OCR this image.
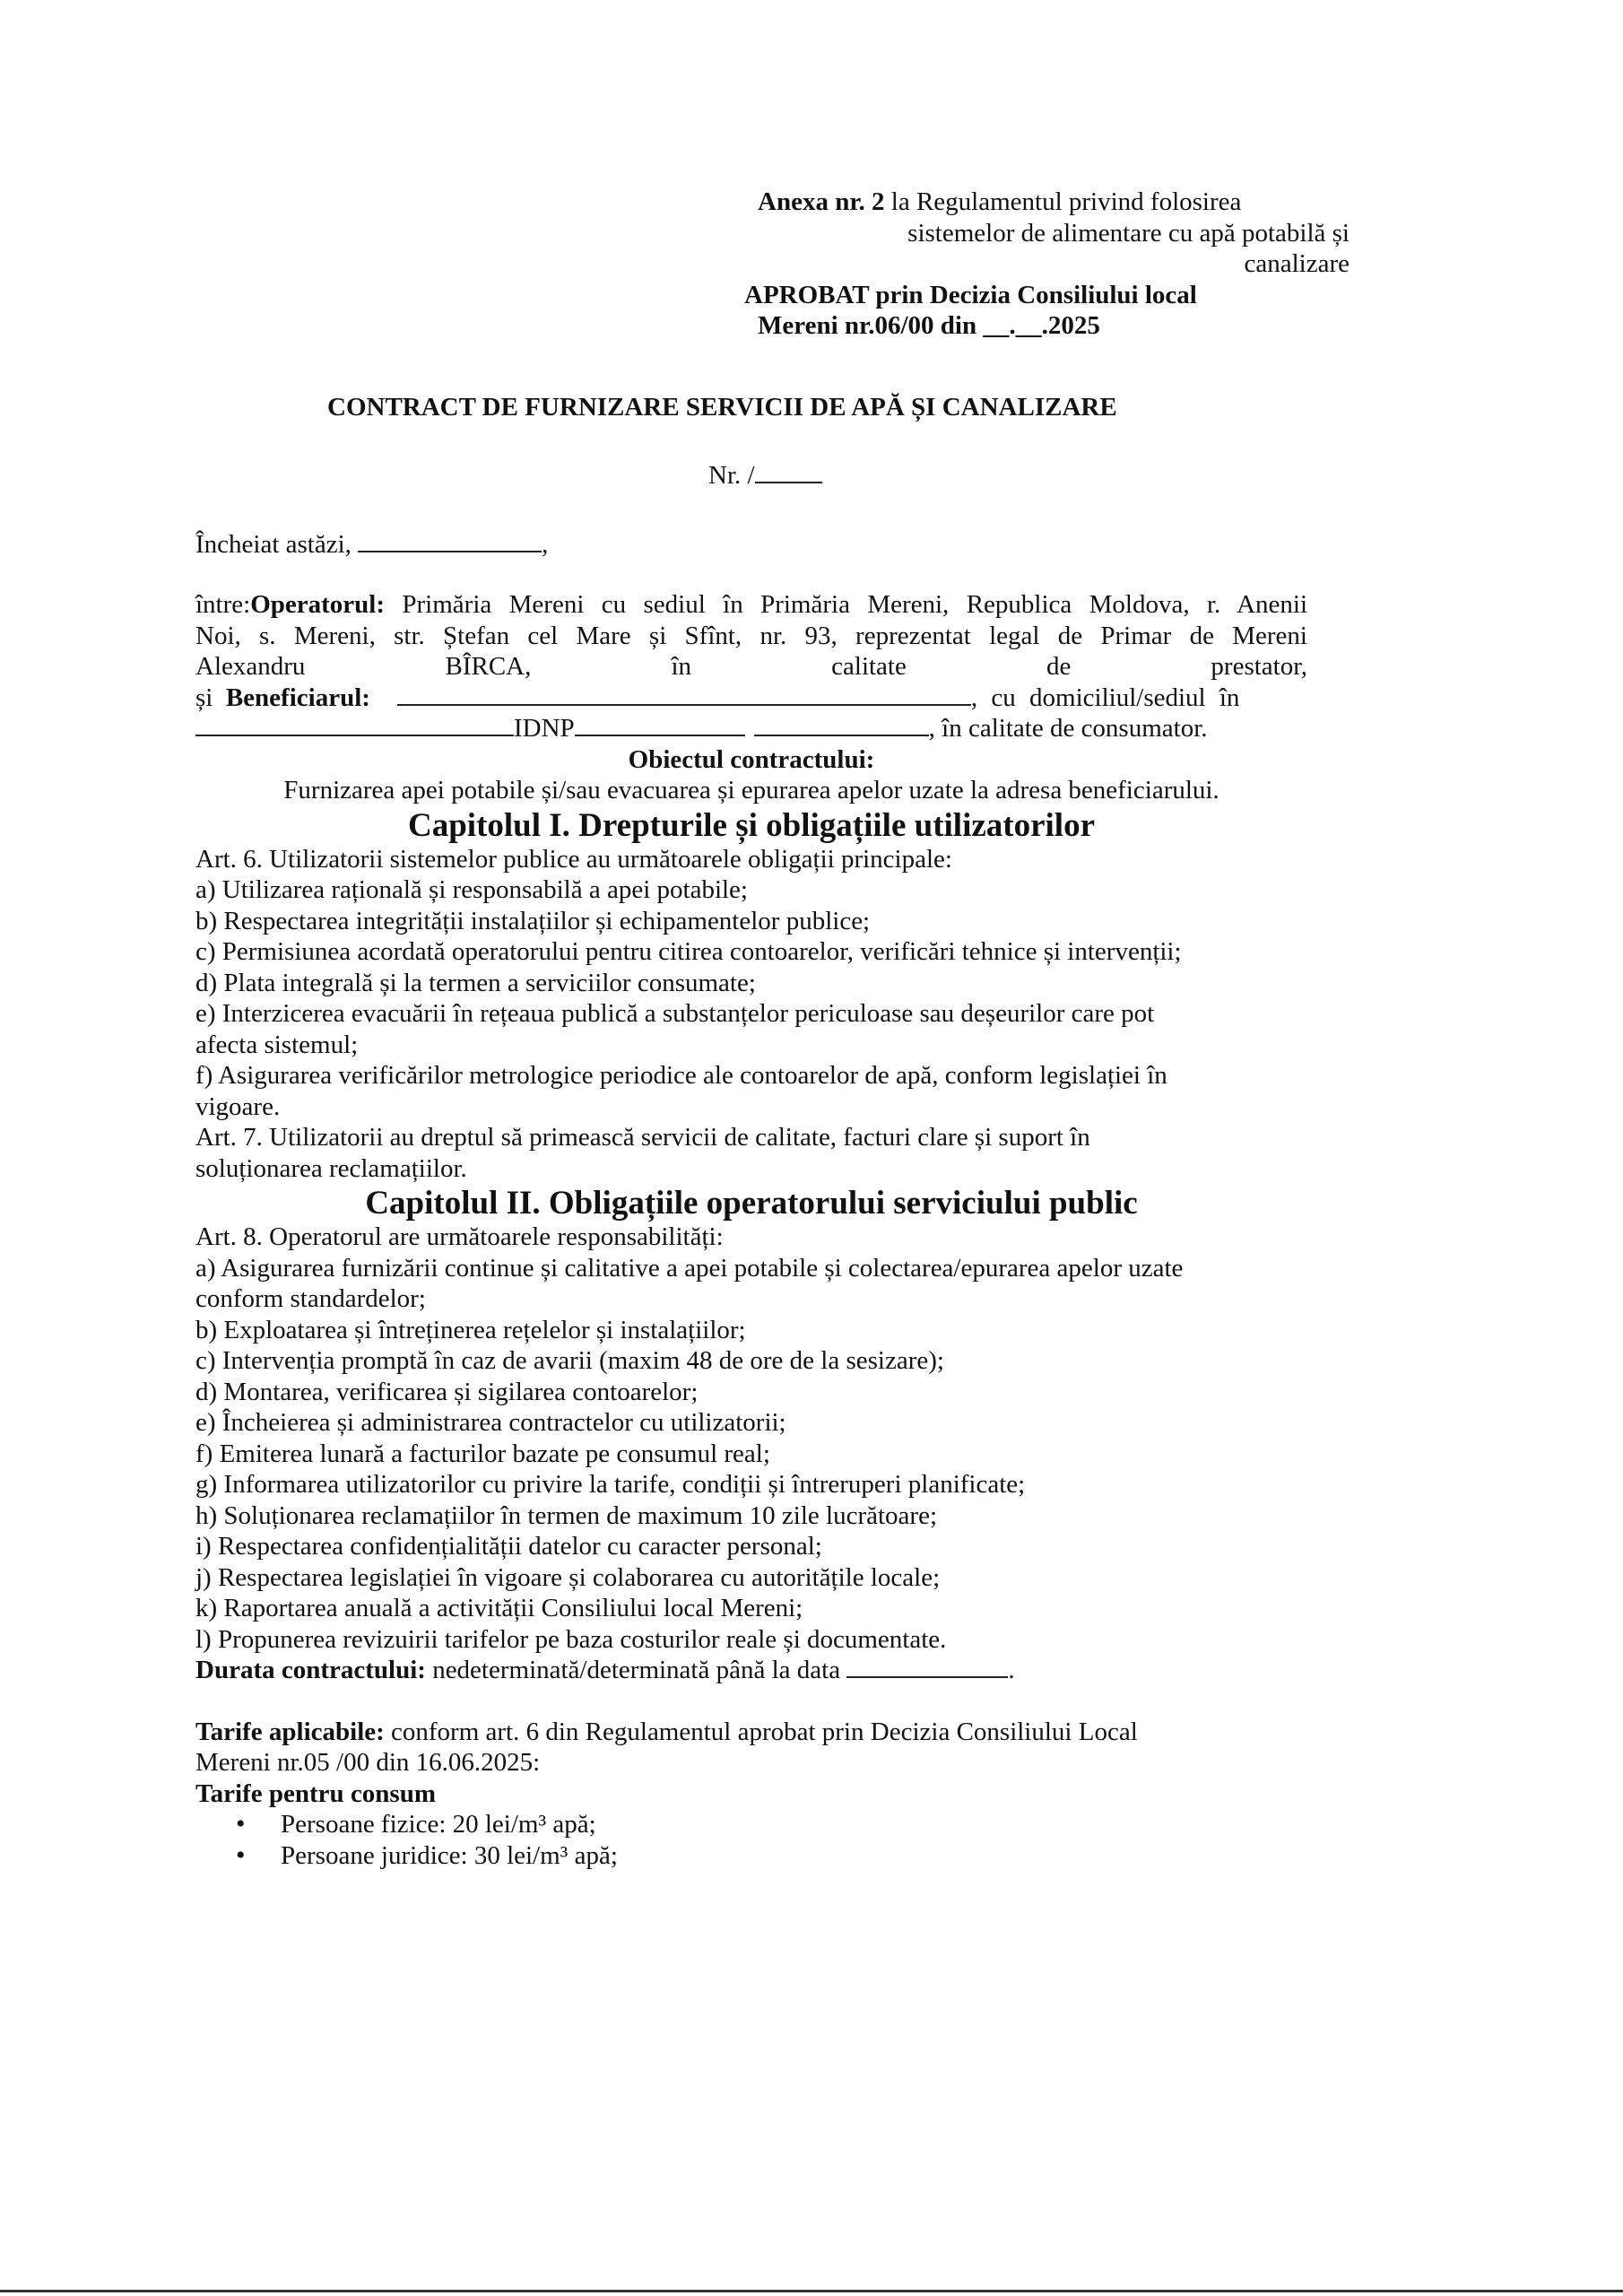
Anexa nr. 2 la Regulamentul privind folosirea
sistemelor de alimentare cu apă potabilă și
canalizare
APROBAT prin Decizia Consiliului local
Mereni nr.06/00 din __.__.2025
CONTRACT DE FURNIZARE SERVICII DE APĂ ȘI CANALIZARE
Nr. /
Încheiat astăzi,	,
între:Operatorul: Primăria Mereni cu sediul în Primăria Mereni, Republica Moldova, r. Anenii
Noi, s. Mereni, str. Ștefan cel Mare și Sfînt, nr. 93, reprezentat legal de Primar de Mereni
Alexandru	BÎRCA,	în	calitate	de	prestator,
și Beneficiarul:	, cu domiciliul/sediul în
IDNP	, în calitate de consumator.
Obiectul contractului:
Furnizarea apei potabile și/sau evacuarea și epurarea apelor uzate la adresa beneficiarului.
Capitolul I. Drepturile și obligațiile utilizatorilor
Art. 6. Utilizatorii sistemelor publice au următoarele obligații principale:
a) Utilizarea rațională și responsabilă a apei potabile;
b) Respectarea integrității instalațiilor și echipamentelor publice;
c) Permisiunea acordată operatorului pentru citirea contoarelor, verificări tehnice și intervenții;
d) Plata integrală și la termen a serviciilor consumate;
e) Interzicerea evacuării în rețeaua publică a substanțelor periculoase sau deșeurilor care pot
afecta sistemul;
f) Asigurarea verificărilor metrologice periodice ale contoarelor de apă, conform legislației în
vigoare.
Art. 7. Utilizatorii au dreptul să primească servicii de calitate, facturi clare și suport în
soluționarea reclamațiilor.
Capitolul II. Obligațiile operatorului serviciului public
Art. 8. Operatorul are următoarele responsabilități:
a) Asigurarea furnizării continue și calitative a apei potabile și colectarea/epurarea apelor uzate
conform standardelor;
b) Exploatarea și întreținerea rețelelor și instalațiilor;
c) Intervenția promptă în caz de avarii (maxim 48 de ore de la sesizare);
d) Montarea, verificarea și sigilarea contoarelor;
e) Încheierea și administrarea contractelor cu utilizatorii;
f) Emiterea lunară a facturilor bazate pe consumul real;
g) Informarea utilizatorilor cu privire la tarife, condiții și întreruperi planificate;
h) Soluționarea reclamațiilor în termen de maximum 10 zile lucrătoare;
i) Respectarea confidențialității datelor cu caracter personal;
j) Respectarea legislației în vigoare și colaborarea cu autoritățile locale;
k) Raportarea anuală a activității Consiliului local Mereni;
l) Propunerea revizuirii tarifelor pe baza costurilor reale și documentate.
Durata contractului: nedeterminată/determinată până la data	.
Tarife aplicabile: conform art. 6 din Regulamentul aprobat prin Decizia Consiliului Local
Mereni nr.05 /00 din 16.06.2025:
Tarife pentru consum
• Persoane fizice: 20 lei/m³ apă;
• Persoane juridice: 30 lei/m³ apă;
